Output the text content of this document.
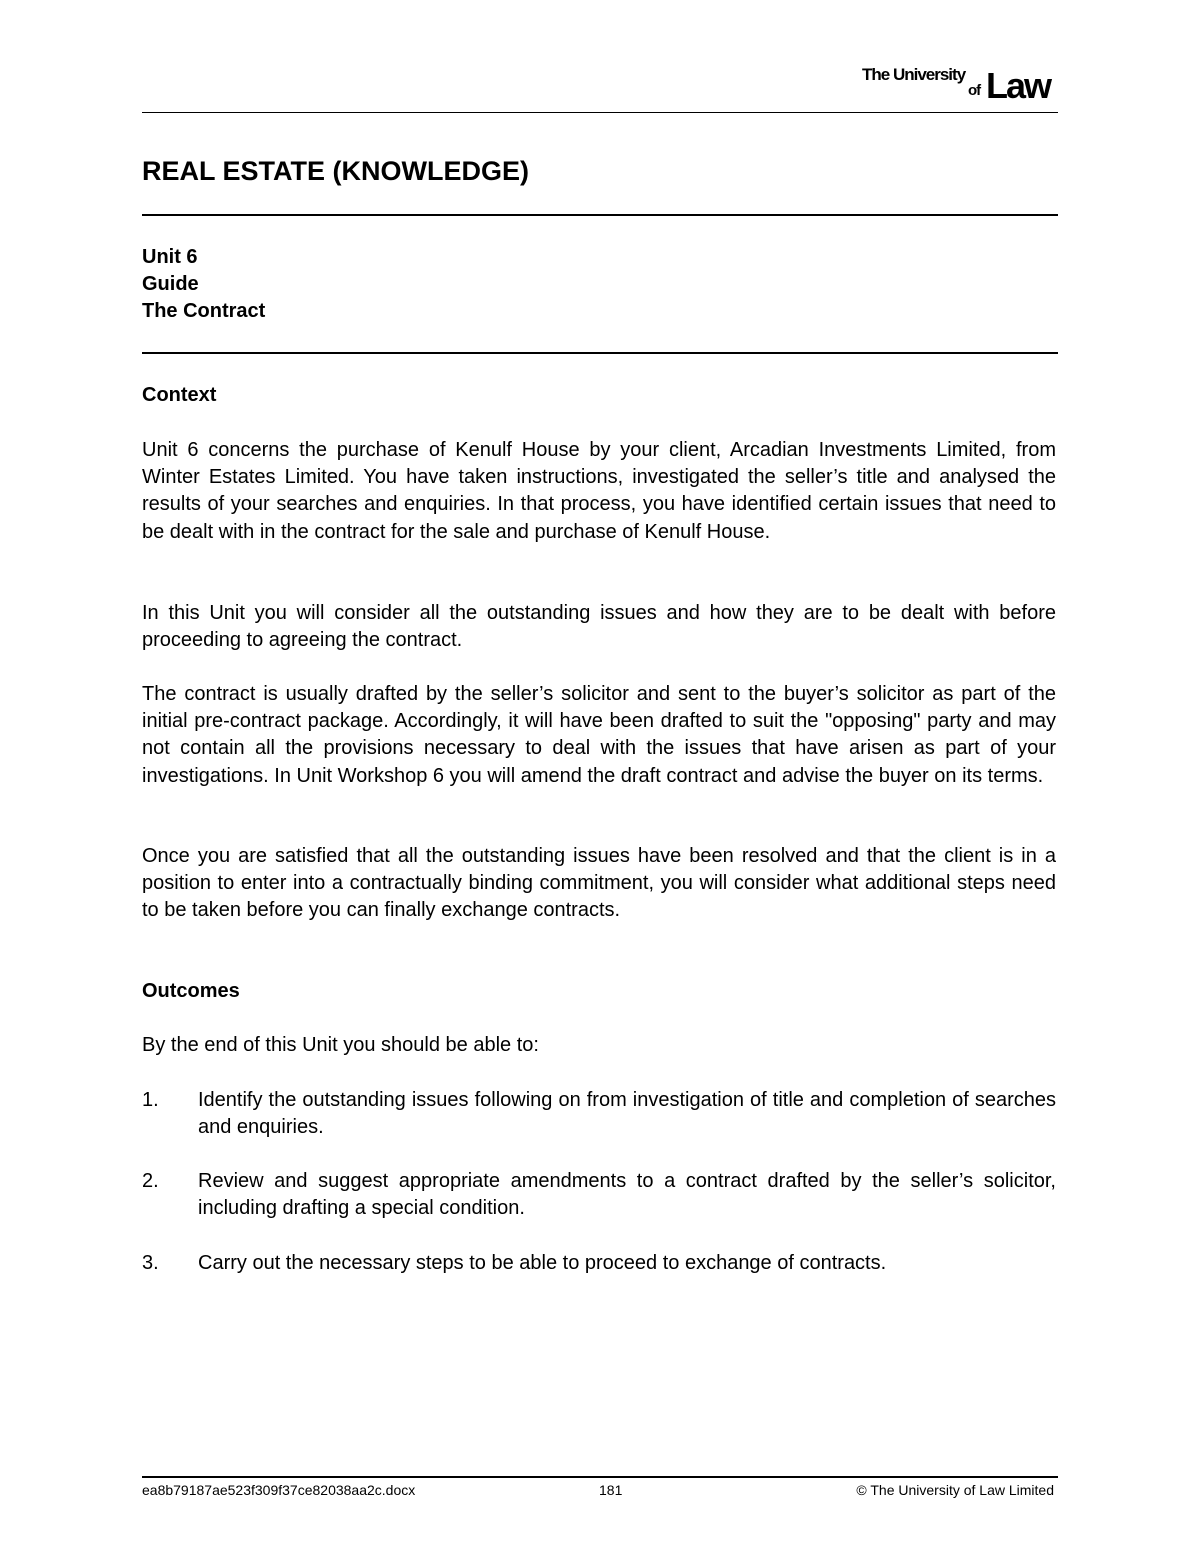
The University
of Law
REAL ESTATE (KNOWLEDGE)
Unit 6
Guide
The Contract
Context

Unit 6 concerns the purchase of Kenulf House by your client, Arcadian Investments Limited, from Winter Estates Limited. You have taken instructions, investigated the seller’s title and analysed the results of your searches and enquiries. In that process, you have identified certain issues that need to be dealt with in the contract for the sale and purchase of Kenulf House.

In this Unit you will consider all the outstanding issues and how they are to be dealt with before proceeding to agreeing the contract.

The contract is usually drafted by the seller’s solicitor and sent to the buyer’s solicitor as part of the initial pre-contract package. Accordingly, it will have been drafted to suit the "opposing" party and may not contain all the provisions necessary to deal with the issues that have arisen as part of your investigations. In Unit Workshop 6 you will amend the draft contract and advise the buyer on its terms.

Once you are satisfied that all the outstanding issues have been resolved and that the client is in a position to enter into a contractually binding commitment, you will consider what additional steps need to be taken before you can finally exchange contracts.

Outcomes

By the end of this Unit you should be able to:

1.	Identify the outstanding issues following on from investigation of title and completion of searches and enquiries.
2.	Review and suggest appropriate amendments to a contract drafted by the seller’s solicitor, including drafting a special condition.
3.	Carry out the necessary steps to be able to proceed to exchange of contracts.
ea8b79187ae523f309f37ce82038aa2c.docx	181	© The University of Law Limited
